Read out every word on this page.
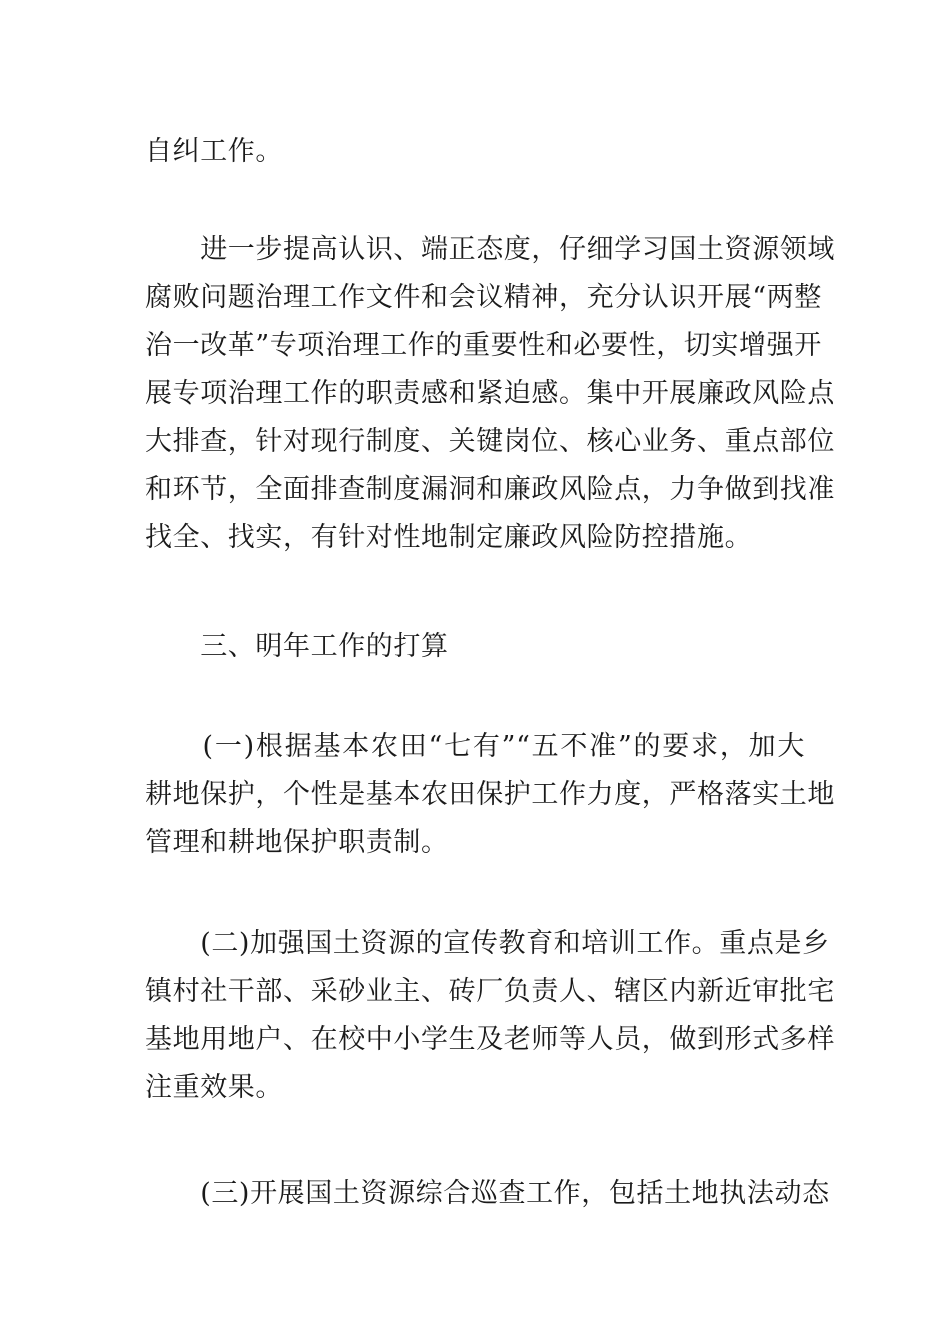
自纠工作。

　　进一步提高认识、端正态度，仔细学习国土资源领域
腐败问题治理工作文件和会议精神，充分认识开展“两整
治一改革”专项治理工作的重要性和必要性，切实增强开
展专项治理工作的职责感和紧迫感。集中开展廉政风险点
大排查，针对现行制度、关键岗位、核心业务、重点部位
和环节，全面排查制度漏洞和廉政风险点，力争做到找准
找全、找实，有针对性地制定廉政风险防控措施。

　　三、明年工作的打算

　　(一)根据基本农田“七有”“五不准”的要求，加大
耕地保护，个性是基本农田保护工作力度，严格落实土地
管理和耕地保护职责制。

　　(二)加强国土资源的宣传教育和培训工作。重点是乡
镇村社干部、采砂业主、砖厂负责人、辖区内新近审批宅
基地用地户、在校中小学生及老师等人员，做到形式多样
注重效果。

　　(三)开展国土资源综合巡查工作，包括土地执法动态
